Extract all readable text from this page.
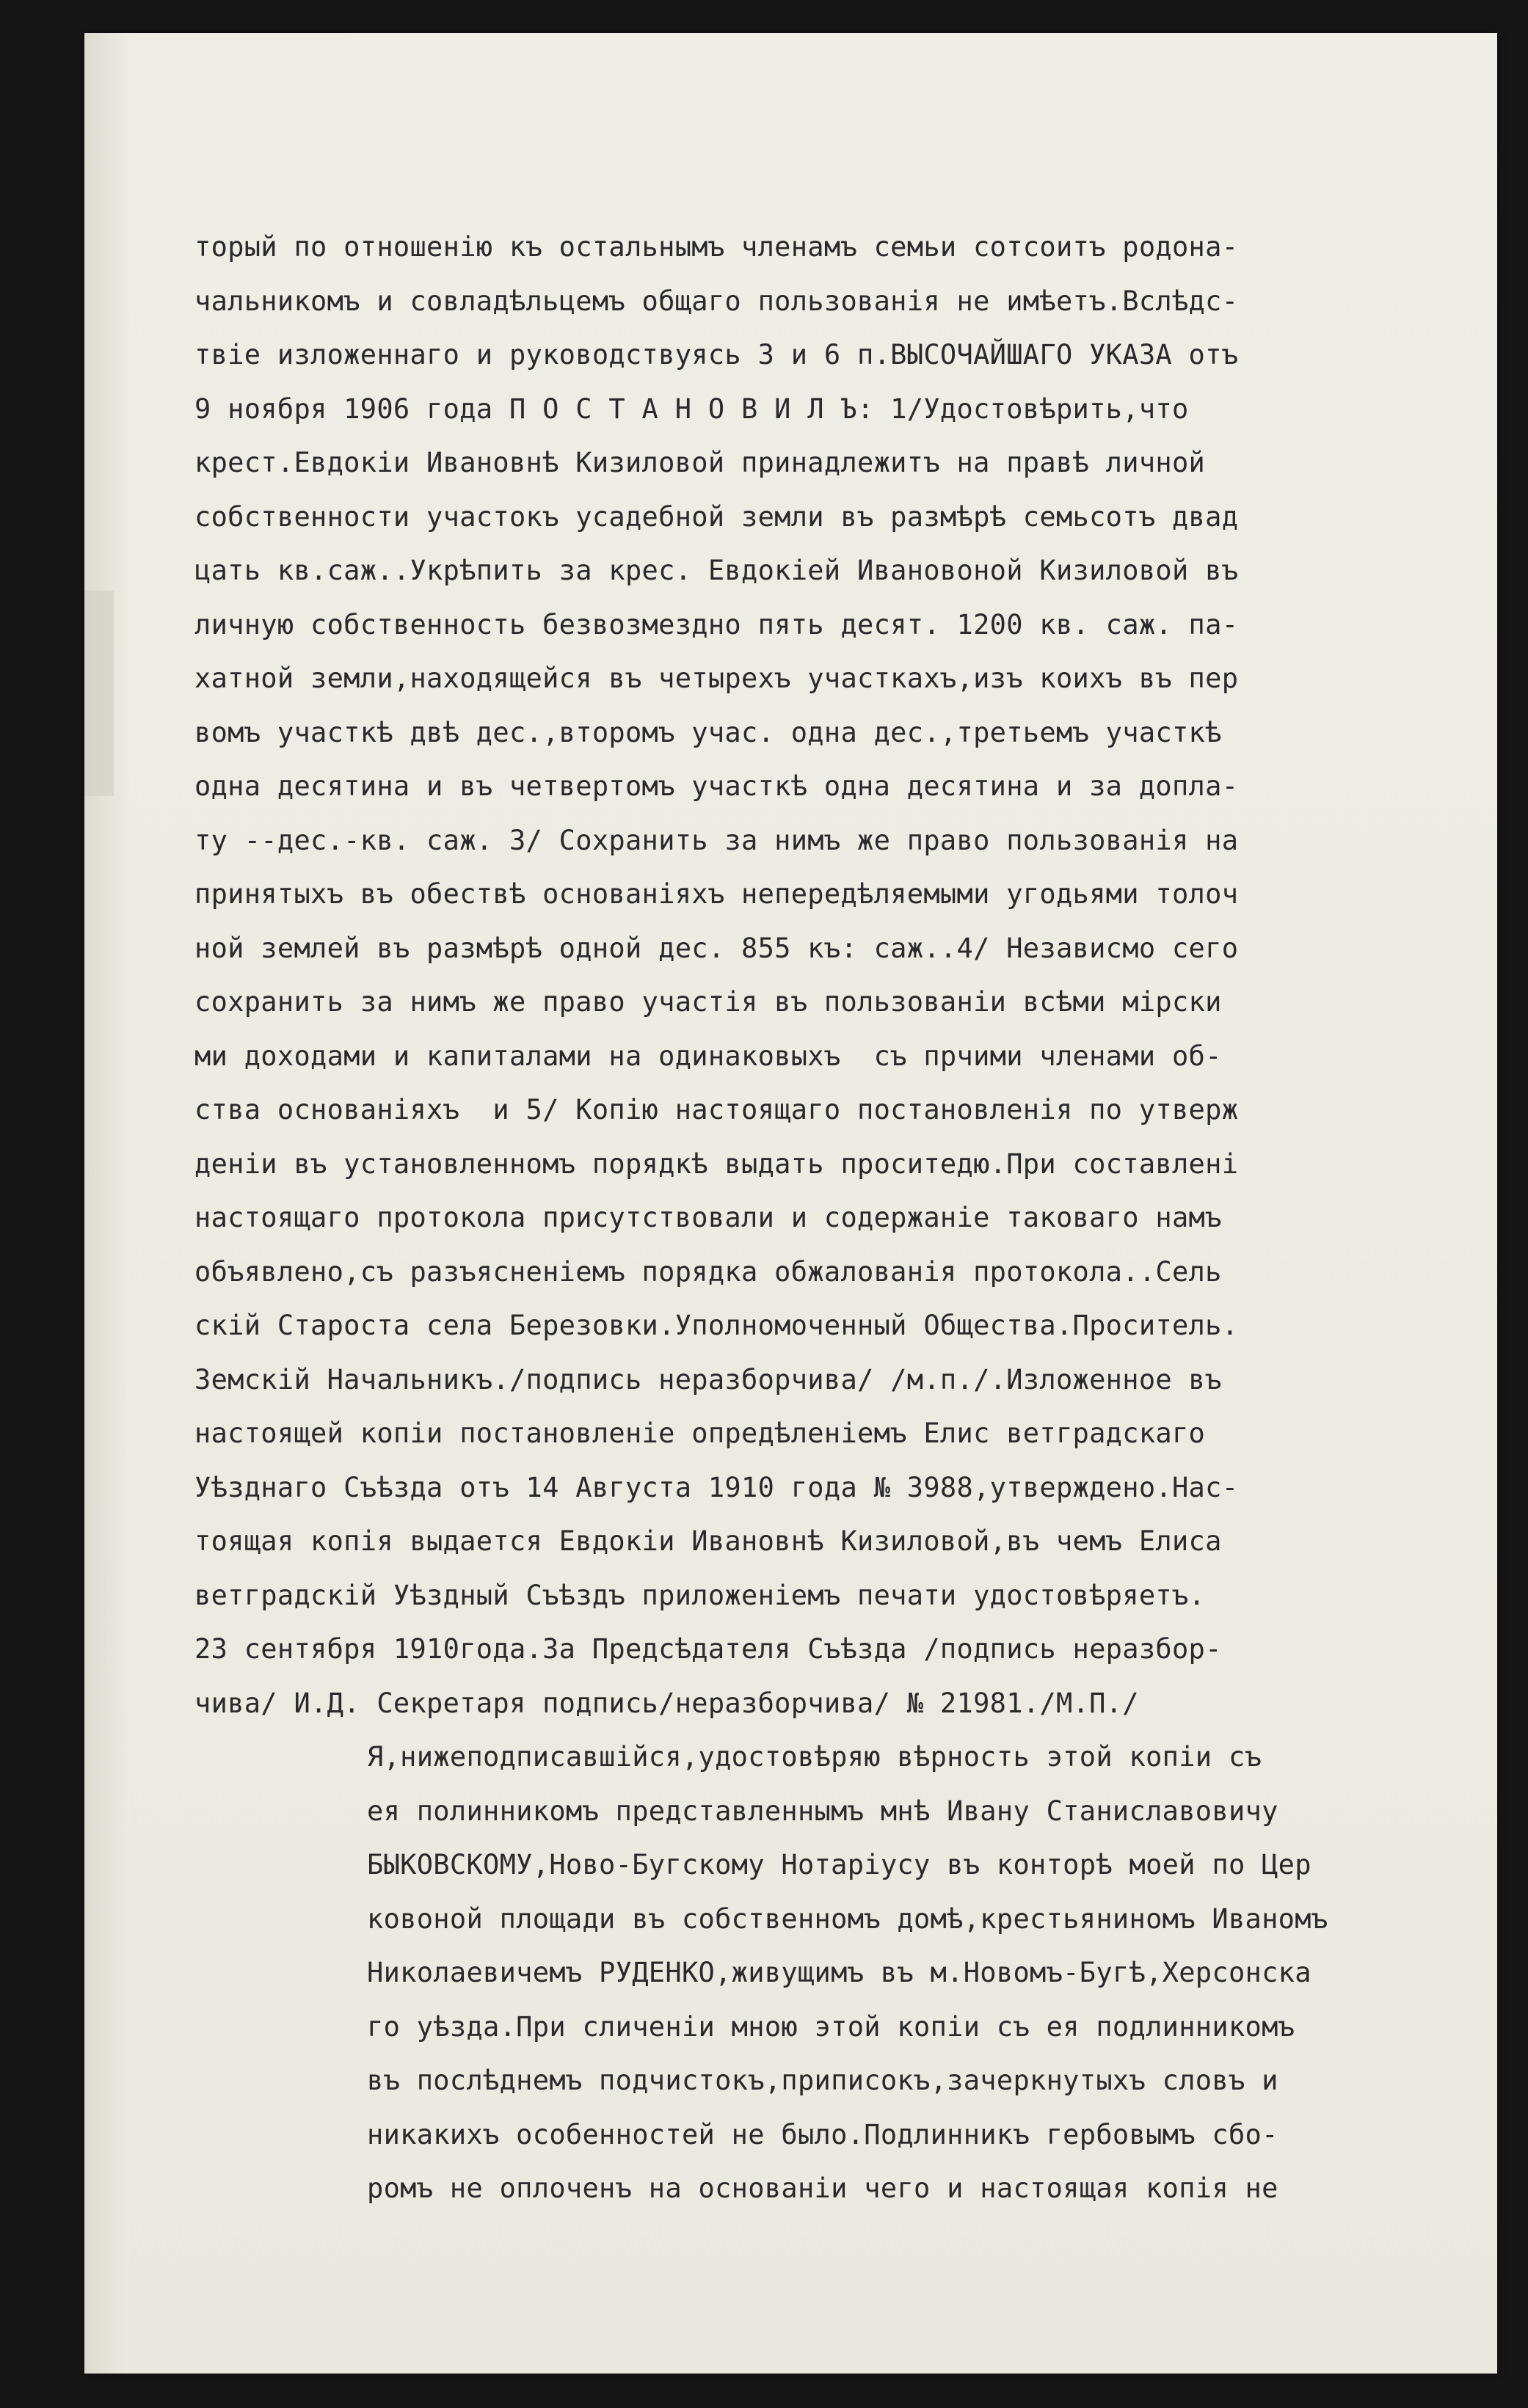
торый по отношенію къ остальнымъ членамъ семьи сотсоитъ родона-
чальникомъ и совладѣльцемъ общаго пользованія не имѣетъ.Вслѣдс-
твіе изложеннаго и руководствуясь 3 и 6 п.ВЫСОЧАЙШАГО УКАЗА отъ
9 ноября 1906 года П О С Т А Н О В И Л Ъ: 1/Удостовѣрить,что
крест.Евдокіи Ивановнѣ Кизиловой принадлежитъ на правѣ личной
собственности участокъ усадебной земли въ размѣрѣ семьсотъ двад
цать кв.саж..Укрѣпить за крес. Евдокіей Ивановоной Кизиловой въ
личную собственность безвозмездно пять десят. 1200 кв. саж. па-
хатной земли,находящейся въ четырехъ участкахъ,изъ коихъ въ пер
вомъ участкѣ двѣ дес.,второмъ учас. одна дес.,третьемъ участкѣ
одна десятина и въ четвертомъ участкѣ одна десятина и за допла-
ту --дес.-кв. саж. 3/ Сохранить за нимъ же право пользованія на
принятыхъ въ обествѣ основаніяхъ непередѣляемыми угодьями толоч
ной землей въ размѣрѣ одной дес. 855 къ: саж..4/ Независмо сего
сохранить за нимъ же право участія въ пользованіи всѣми мірски
ми доходами и капиталами на одинаковыхъ  съ прчими членами об-
ства основаніяхъ  и 5/ Копію настоящаго постановленія по утверж
деніи въ установленномъ порядкѣ выдать проситедю.При составлені
настоящаго протокола присутствовали и содержаніе таковаго намъ
объявлено,съ разъясненіемъ порядка обжалованія протокола..Сель
скій Староста села Березовки.Уполномоченный Общества.Проситель.
Земскій Начальникъ./подпись неразборчива/ /м.п./.Изложенное въ
настоящей копіи постановленіе опредѣленіемъ Елис ветградскаго
Уѣзднаго Съѣзда отъ 14 Августа 1910 года № 3988,утверждено.Нас-
тоящая копія выдается Евдокіи Ивановнѣ Кизиловой,въ чемъ Елиса
ветградскій Уѣздный Съѣздъ приложеніемъ печати удостовѣряетъ.
23 сентября 1910года.За Предсѣдателя Съѣзда /подпись неразбор-
чива/ И.Д. Секретаря подпись/неразборчива/ № 21981./М.П./
Я,нижеподписавшійся,удостовѣряю вѣрность этой копіи съ
ея полинникомъ представленнымъ мнѣ Ивану Станиславовичу
БЫКОВСКОМУ,Ново-Бугскому Нотаріусу въ конторѣ моей по Цер
ковоной площади въ собственномъ домѣ,крестьяниномъ Иваномъ
Николаевичемъ РУДЕНКО,живущимъ въ м.Новомъ-Бугѣ,Херсонска
го уѣзда.При сличеніи мною этой копіи съ ея подлинникомъ
въ послѣднемъ подчистокъ,приписокъ,зачеркнутыхъ словъ и
никакихъ особенностей не было.Подлинникъ гербовымъ сбо-
ромъ не оплоченъ на основаніи чего и настоящая копія не
